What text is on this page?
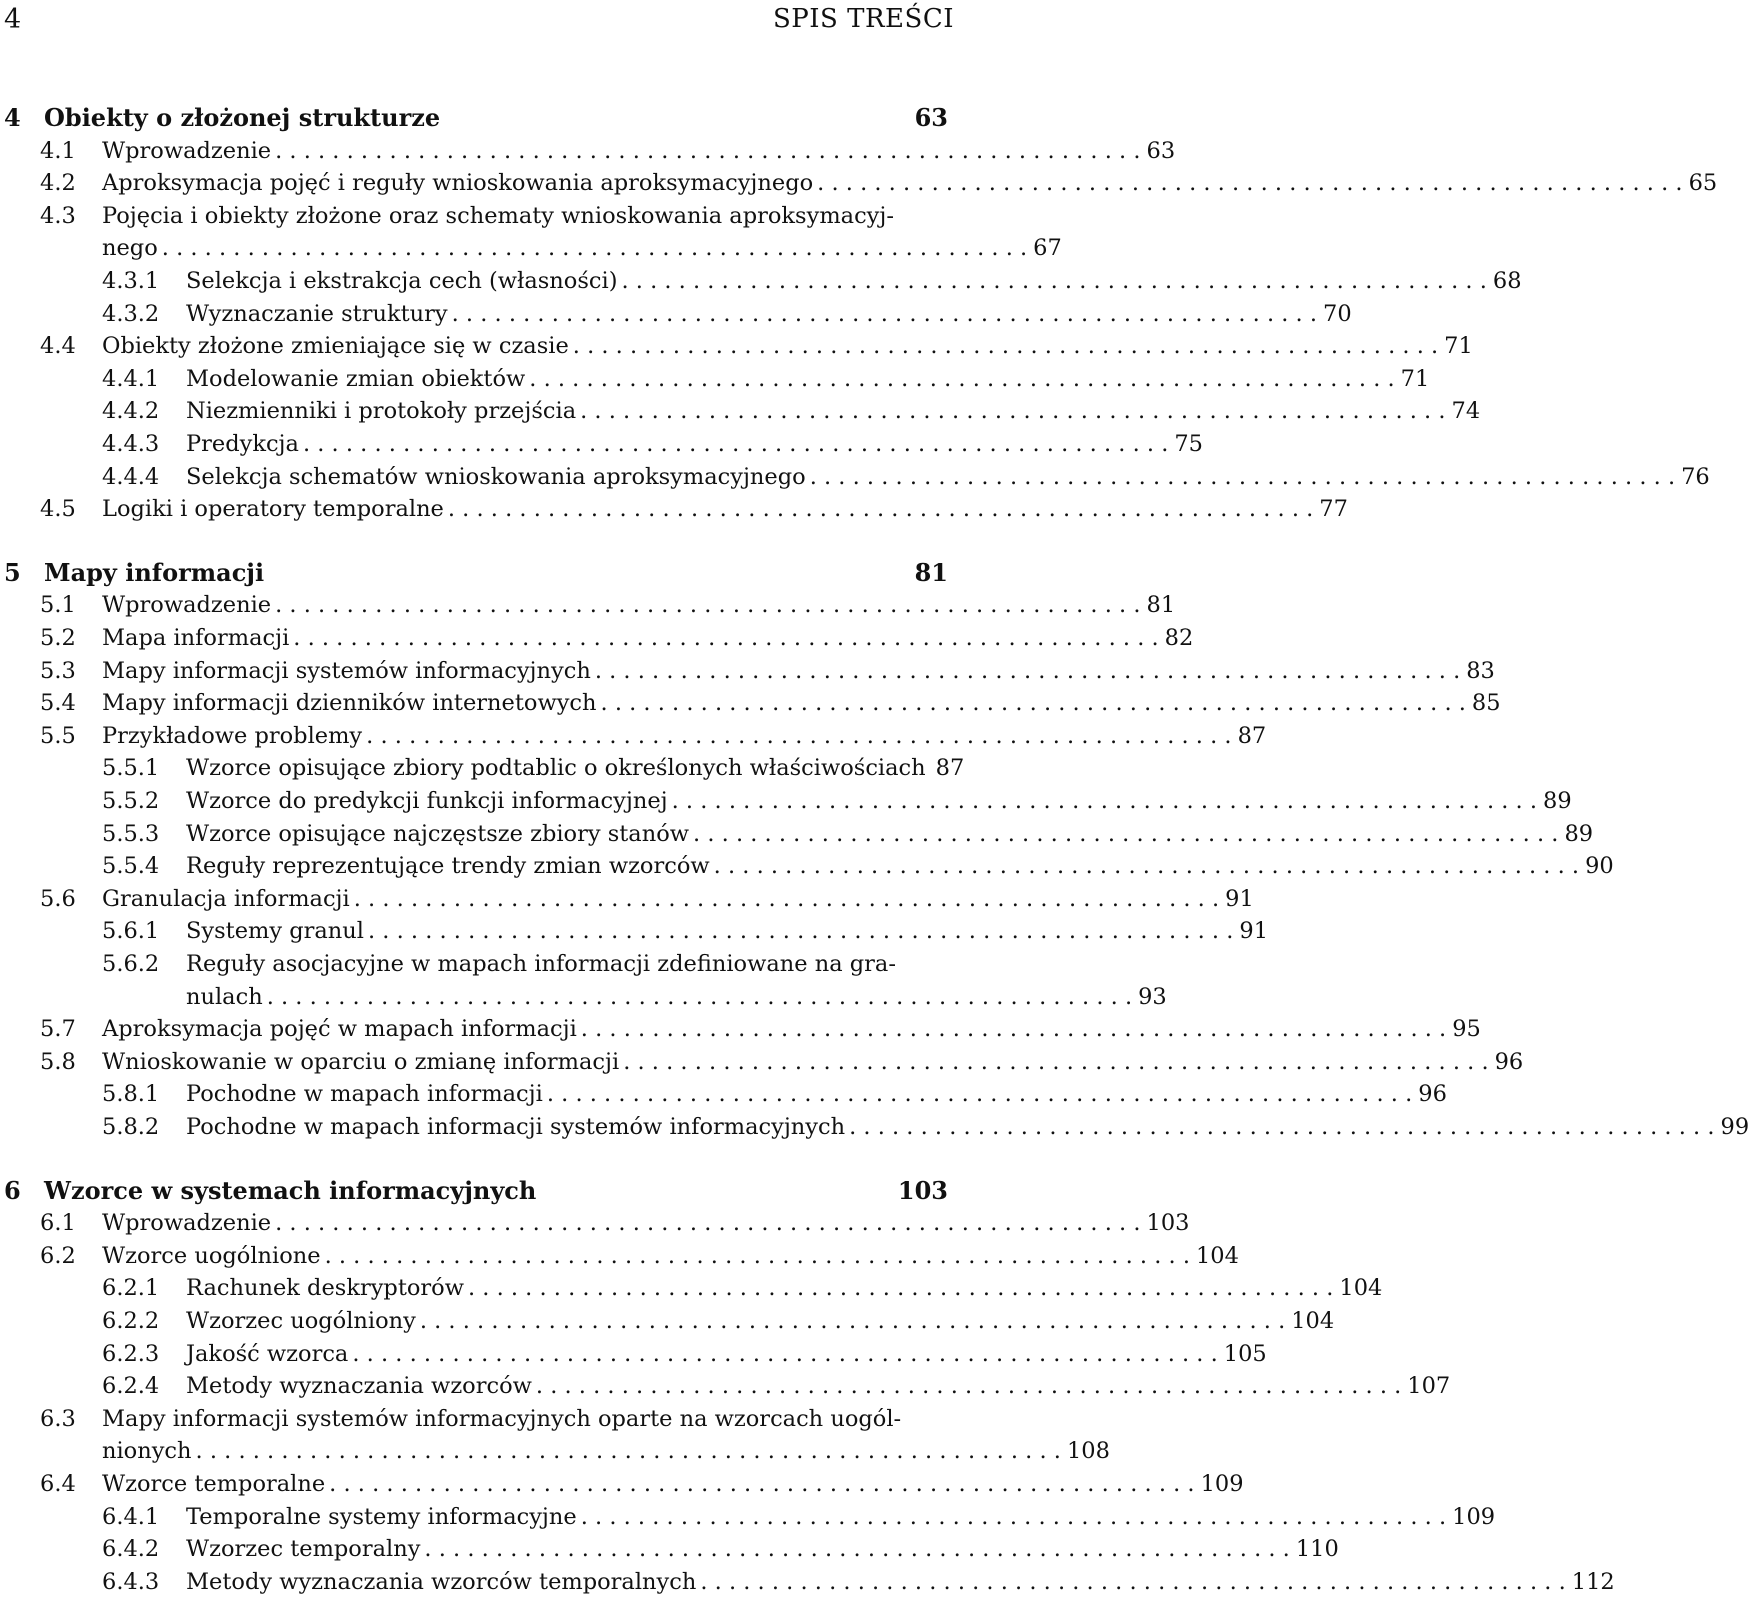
4	SPIS TREŚCI
4 Obiekty o złożonej strukturze	63
4.1	Wprowadzenie . . . . . . . . . . . . . . . . . . . . . . . . . . . . . . . . . . . . . . . . . . . . . . . . . . . . . . . . . . . . . 63
4.2	Aproksymacja pojęć i reguły wnioskowania aproksymacyjnego . . . . . . . . . . . . . . . . . . . . . . . . . . . . . . . . . . . . . . . . . . . . . . . . . . . . . . . . . . . . . 65
4.3 Pojęcia i obiekty złożone oraz schematy wnioskowania aproksymacyj-
nego . . . . . . . . . . . . . . . . . . . . . . . . . . . . . . . . . . . . . . . . . . . . . . . . . . . . . . . . . . . . . 67
4.3.1	Selekcja i ekstrakcja cech (własności) . . . . . . . . . . . . . . . . . . . . . . . . . . . . . . . . . . . . . . . . . . . . . . . . . . . . . . . . . . . . . 68
4.3.2	Wyznaczanie struktury . . . . . . . . . . . . . . . . . . . . . . . . . . . . . . . . . . . . . . . . . . . . . . . . . . . . . . . . . . . . . 70
4.4	Obiekty złożone zmieniające się w czasie . . . . . . . . . . . . . . . . . . . . . . . . . . . . . . . . . . . . . . . . . . . . . . . . . . . . . . . . . . . . . 71
4.4.1	Modelowanie zmian obiektów . . . . . . . . . . . . . . . . . . . . . . . . . . . . . . . . . . . . . . . . . . . . . . . . . . . . . . . . . . . . . 71
4.4.2	Niezmienniki i protokoły przejścia . . . . . . . . . . . . . . . . . . . . . . . . . . . . . . . . . . . . . . . . . . . . . . . . . . . . . . . . . . . . . 74
4.4.3	Predykcja . . . . . . . . . . . . . . . . . . . . . . . . . . . . . . . . . . . . . . . . . . . . . . . . . . . . . . . . . . . . . 75
4.4.4	Selekcja schematów wnioskowania aproksymacyjnego . . . . . . . . . . . . . . . . . . . . . . . . . . . . . . . . . . . . . . . . . . . . . . . . . . . . . . . . . . . . . 76
4.5	Logiki i operatory temporalne . . . . . . . . . . . . . . . . . . . . . . . . . . . . . . . . . . . . . . . . . . . . . . . . . . . . . . . . . . . . . 77
5 Mapy informacji	81
5.1	Wprowadzenie . . . . . . . . . . . . . . . . . . . . . . . . . . . . . . . . . . . . . . . . . . . . . . . . . . . . . . . . . . . . . 81
5.2	Mapa informacji . . . . . . . . . . . . . . . . . . . . . . . . . . . . . . . . . . . . . . . . . . . . . . . . . . . . . . . . . . . . . 82
5.3	Mapy informacji systemów informacyjnych . . . . . . . . . . . . . . . . . . . . . . . . . . . . . . . . . . . . . . . . . . . . . . . . . . . . . . . . . . . . . 83
5.4	Mapy informacji dzienników internetowych . . . . . . . . . . . . . . . . . . . . . . . . . . . . . . . . . . . . . . . . . . . . . . . . . . . . . . . . . . . . . 85
5.5	Przykładowe problemy . . . . . . . . . . . . . . . . . . . . . . . . . . . . . . . . . . . . . . . . . . . . . . . . . . . . . . . . . . . . . 87
5.5.1	Wzorce opisujące zbiory podtablic o określonych właściwościach 87
5.5.2	Wzorce do predykcji funkcji informacyjnej . . . . . . . . . . . . . . . . . . . . . . . . . . . . . . . . . . . . . . . . . . . . . . . . . . . . . . . . . . . . . 89
5.5.3	Wzorce opisujące najczęstsze zbiory stanów . . . . . . . . . . . . . . . . . . . . . . . . . . . . . . . . . . . . . . . . . . . . . . . . . . . . . . . . . . . . . 89
5.5.4	Reguły reprezentujące trendy zmian wzorców . . . . . . . . . . . . . . . . . . . . . . . . . . . . . . . . . . . . . . . . . . . . . . . . . . . . . . . . . . . . . 90
5.6	Granulacja informacji . . . . . . . . . . . . . . . . . . . . . . . . . . . . . . . . . . . . . . . . . . . . . . . . . . . . . . . . . . . . . 91
5.6.1	Systemy granul . . . . . . . . . . . . . . . . . . . . . . . . . . . . . . . . . . . . . . . . . . . . . . . . . . . . . . . . . . . . . 91
5.6.2 Reguły asocjacyjne w mapach informacji zdefiniowane na gra-
nulach . . . . . . . . . . . . . . . . . . . . . . . . . . . . . . . . . . . . . . . . . . . . . . . . . . . . . . . . . . . . . 93
5.7	Aproksymacja pojęć w mapach informacji . . . . . . . . . . . . . . . . . . . . . . . . . . . . . . . . . . . . . . . . . . . . . . . . . . . . . . . . . . . . . 95
5.8	Wnioskowanie w oparciu o zmianę informacji . . . . . . . . . . . . . . . . . . . . . . . . . . . . . . . . . . . . . . . . . . . . . . . . . . . . . . . . . . . . . 96
5.8.1	Pochodne w mapach informacji . . . . . . . . . . . . . . . . . . . . . . . . . . . . . . . . . . . . . . . . . . . . . . . . . . . . . . . . . . . . . 96
5.8.2	Pochodne w mapach informacji systemów informacyjnych . . . . . . . . . . . . . . . . . . . . . . . . . . . . . . . . . . . . . . . . . . . . . . . . . . . . . . . . . . . . . 99
6 Wzorce w systemach informacyjnych	103
6.1	Wprowadzenie . . . . . . . . . . . . . . . . . . . . . . . . . . . . . . . . . . . . . . . . . . . . . . . . . . . . . . . . . . . . . 103
6.2	Wzorce uogólnione . . . . . . . . . . . . . . . . . . . . . . . . . . . . . . . . . . . . . . . . . . . . . . . . . . . . . . . . . . . . . 104
6.2.1	Rachunek deskryptorów . . . . . . . . . . . . . . . . . . . . . . . . . . . . . . . . . . . . . . . . . . . . . . . . . . . . . . . . . . . . . 104
6.2.2	Wzorzec uogólniony . . . . . . . . . . . . . . . . . . . . . . . . . . . . . . . . . . . . . . . . . . . . . . . . . . . . . . . . . . . . . 104
6.2.3	Jakość wzorca . . . . . . . . . . . . . . . . . . . . . . . . . . . . . . . . . . . . . . . . . . . . . . . . . . . . . . . . . . . . . 105
6.2.4	Metody wyznaczania wzorców . . . . . . . . . . . . . . . . . . . . . . . . . . . . . . . . . . . . . . . . . . . . . . . . . . . . . . . . . . . . . 107
6.3 Mapy informacji systemów informacyjnych oparte na wzorcach uogól-
nionych . . . . . . . . . . . . . . . . . . . . . . . . . . . . . . . . . . . . . . . . . . . . . . . . . . . . . . . . . . . . . 108
6.4	Wzorce temporalne . . . . . . . . . . . . . . . . . . . . . . . . . . . . . . . . . . . . . . . . . . . . . . . . . . . . . . . . . . . . . 109
6.4.1	Temporalne systemy informacyjne . . . . . . . . . . . . . . . . . . . . . . . . . . . . . . . . . . . . . . . . . . . . . . . . . . . . . . . . . . . . . 109
6.4.2	Wzorzec temporalny . . . . . . . . . . . . . . . . . . . . . . . . . . . . . . . . . . . . . . . . . . . . . . . . . . . . . . . . . . . . . 110
6.4.3	Metody wyznaczania wzorców temporalnych . . . . . . . . . . . . . . . . . . . . . . . . . . . . . . . . . . . . . . . . . . . . . . . . . . . . . . . . . . . . . 112
